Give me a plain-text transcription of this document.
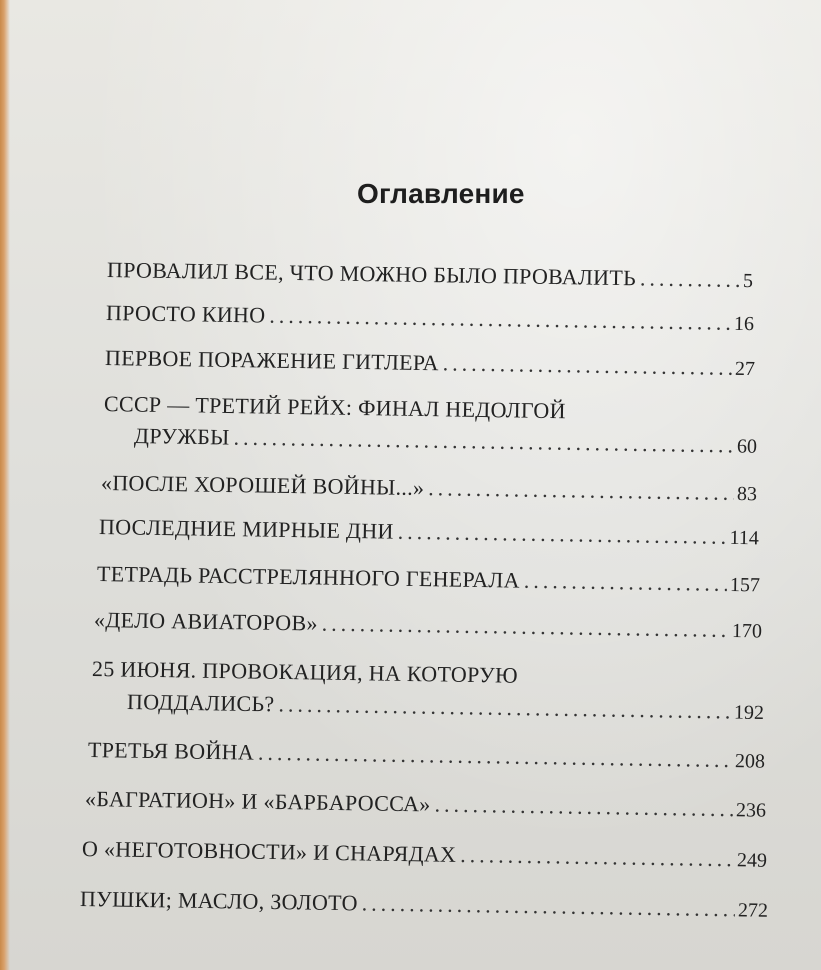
Оглавление
ПРОВАЛИЛ ВСЕ, ЧТО МОЖНО БЫЛО ПРОВАЛИТЬ .....	5
ПРОСТО КИНО .....	16
ПЕРВОЕ ПОРАЖЕНИЕ ГИТЛЕРА .....	27
СССР — ТРЕТИЙ РЕЙХ: ФИНАЛ НЕДОЛГОЙ
ДРУЖБЫ .....	60
«ПОСЛЕ ХОРОШЕЙ ВОЙНЫ...» .....	83
ПОСЛЕДНИЕ МИРНЫЕ ДНИ .....	114
ТЕТРАДЬ РАССТРЕЛЯННОГО ГЕНЕРАЛА .....	157
«ДЕЛО АВИАТОРОВ» .....	170
25 ИЮНЯ. ПРОВОКАЦИЯ, НА КОТОРУЮ
ПОДДАЛИСЬ? .....	192
ТРЕТЬЯ ВОЙНА .....	208
«БАГРАТИОН» И «БАРБАРОССА» .....	236
О «НЕГОТОВНОСТИ» И СНАРЯДАХ .....	249
ПУШКИ; МАСЛО, ЗОЛОТО .....	272
